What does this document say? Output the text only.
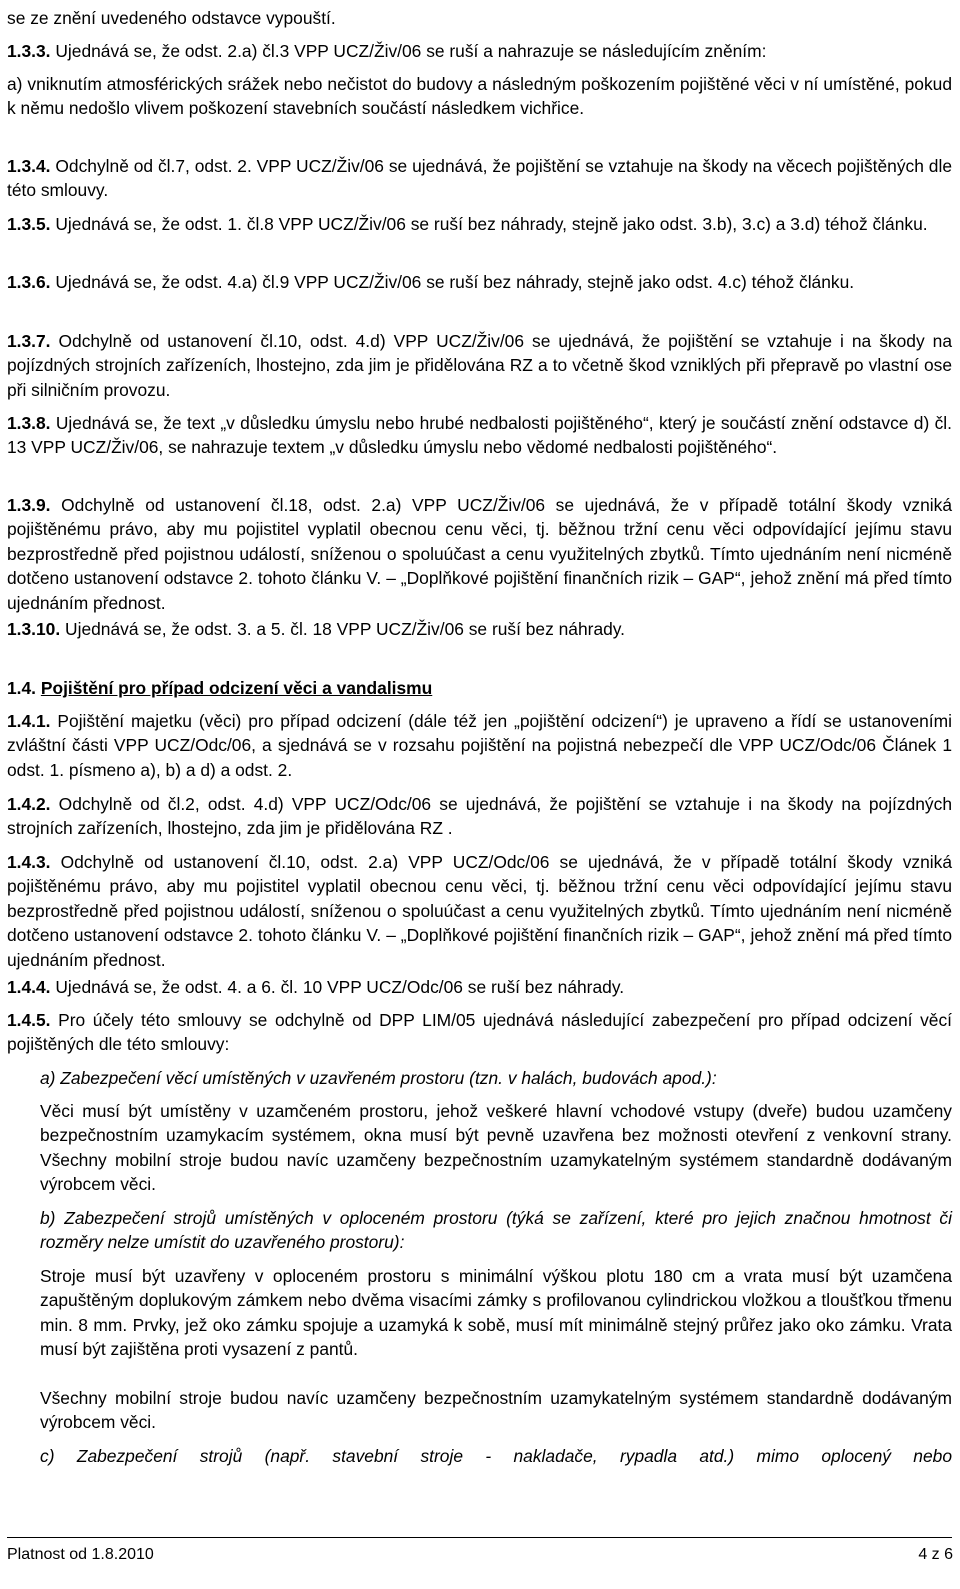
se ze znění uvedeného odstavce vypouští.

1.3.3. Ujednává se, že odst. 2.a) čl.3 VPP UCZ/Živ/06 se ruší a nahrazuje se následujícím zněním:

a) vniknutím atmosférických srážek nebo nečistot do budovy a následným poškozením pojištěné věci v ní umístěné, pokud k němu nedošlo vlivem poškození stavebních součástí následkem vichřice.

1.3.4. Odchylně od čl.7, odst. 2. VPP UCZ/Živ/06 se ujednává, že pojištění se vztahuje na škody na věcech pojištěných dle této smlouvy.

1.3.5. Ujednává se, že odst. 1. čl.8 VPP UCZ/Živ/06 se ruší bez náhrady, stejně jako odst. 3.b), 3.c) a 3.d) téhož článku.

1.3.6. Ujednává se, že odst. 4.a) čl.9 VPP UCZ/Živ/06 se ruší bez náhrady, stejně jako odst. 4.c) téhož článku.

1.3.7. Odchylně od ustanovení čl.10, odst. 4.d) VPP UCZ/Živ/06 se ujednává, že pojištění se vztahuje i na škody na pojízdných strojních zařízeních, lhostejno, zda jim je přidělována RZ a to včetně škod vzniklých při přepravě po vlastní ose při silničním provozu.

1.3.8. Ujednává se, že text „v důsledku úmyslu nebo hrubé nedbalosti pojištěného“, který je součástí znění odstavce d) čl. 13 VPP UCZ/Živ/06, se nahrazuje textem „v důsledku úmyslu nebo vědomé nedbalosti pojištěného“.

1.3.9. Odchylně od ustanovení čl.18, odst. 2.a) VPP UCZ/Živ/06 se ujednává, že v případě totální škody vzniká pojištěnému právo, aby mu pojistitel vyplatil obecnou cenu věci, tj. běžnou tržní cenu věci odpovídající jejímu stavu bezprostředně před pojistnou událostí, sníženou o spoluúčast a cenu využitelných zbytků. Tímto ujednáním není nicméně dotčeno ustanovení odstavce 2. tohoto článku V. – „Doplňkové pojištění finančních rizik – GAP“, jehož znění má před tímto ujednáním přednost.

1.3.10. Ujednává se, že odst. 3. a 5. čl. 18 VPP UCZ/Živ/06 se ruší bez náhrady.

1.4. Pojištění pro případ odcizení věci a vandalismu

1.4.1. Pojištění majetku (věci) pro případ odcizení (dále též jen „pojištění odcizení“) je upraveno a řídí se ustanoveními zvláštní části VPP UCZ/Odc/06, a sjednává se v rozsahu pojištění na pojistná nebezpečí dle VPP UCZ/Odc/06 Článek 1 odst. 1. písmeno a), b) a d) a odst. 2.

1.4.2. Odchylně od čl.2, odst. 4.d) VPP UCZ/Odc/06 se ujednává, že pojištění se vztahuje i na škody na pojízdných strojních zařízeních, lhostejno, zda jim je přidělována RZ .

1.4.3. Odchylně od ustanovení čl.10, odst. 2.a) VPP UCZ/Odc/06 se ujednává, že v případě totální škody vzniká pojištěnému právo, aby mu pojistitel vyplatil obecnou cenu věci, tj. běžnou tržní cenu věci odpovídající jejímu stavu bezprostředně před pojistnou událostí, sníženou o spoluúčast a cenu využitelných zbytků. Tímto ujednáním není nicméně dotčeno ustanovení odstavce 2. tohoto článku V. – „Doplňkové pojištění finančních rizik – GAP“, jehož znění má před tímto ujednáním přednost.

1.4.4. Ujednává se, že odst. 4. a 6. čl. 10 VPP UCZ/Odc/06 se ruší bez náhrady.

1.4.5. Pro účely této smlouvy se odchylně od DPP LIM/05 ujednává následující zabezpečení pro případ odcizení věcí pojištěných dle této smlouvy:

a) Zabezpečení věcí umístěných v uzavřeném prostoru (tzn. v halách, budovách apod.):

Věci musí být umístěny v uzamčeném prostoru, jehož veškeré hlavní vchodové vstupy (dveře) budou uzamčeny bezpečnostním uzamykacím systémem, okna musí být pevně uzavřena bez možnosti otevření z venkovní strany. Všechny mobilní stroje budou navíc uzamčeny bezpečnostním uzamykatelným systémem standardně dodávaným výrobcem věci.

b) Zabezpečení strojů umístěných v oploceném prostoru (týká se zařízení, které pro jejich značnou hmotnost či rozměry nelze umístit do uzavřeného prostoru):

Stroje musí být uzavřeny v oploceném prostoru s minimální výškou plotu 180 cm a vrata musí být uzamčena zapuštěným doplukovým zámkem nebo dvěma visacími zámky s profilovanou cylindrickou vložkou a tloušťkou třmenu min. 8 mm. Prvky, jež oko zámku spojuje a uzamyká k sobě, musí mít minimálně stejný průřez jako oko zámku. Vrata musí být zajištěna proti vysazení z pantů.

Všechny mobilní stroje budou navíc uzamčeny bezpečnostním uzamykatelným systémem standardně dodávaným výrobcem věci.

c) Zabezpečení strojů (např. stavební stroje - nakladače, rypadla atd.) mimo oplocený nebo

Platnost od 1.8.2010	4 z 6
